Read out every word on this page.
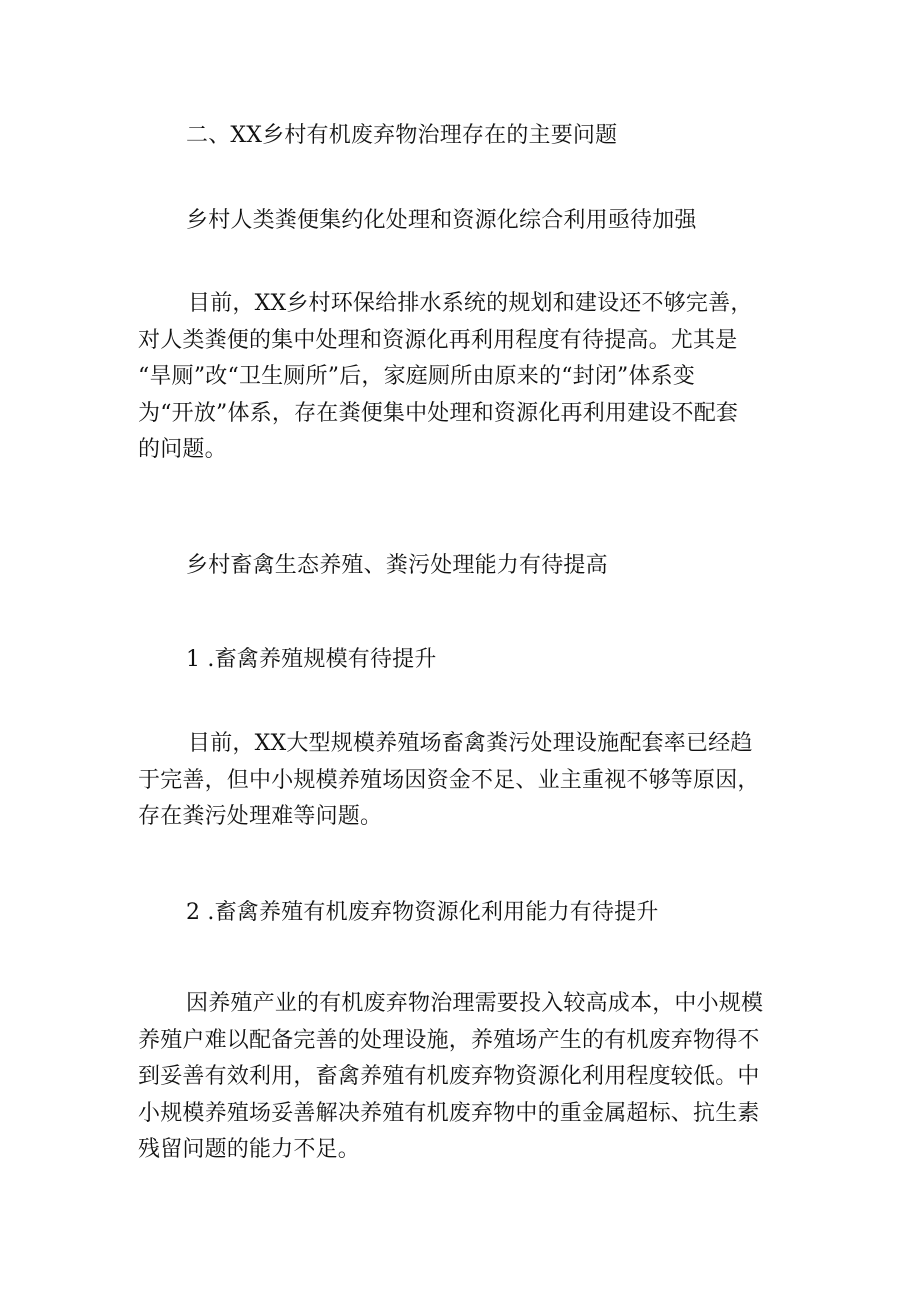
二、XX乡村有机废弃物治理存在的主要问题
乡村人类粪便集约化处理和资源化综合利用亟待加强
目前，XX乡村环保给排水系统的规划和建设还不够完善，
对人类粪便的集中处理和资源化再利用程度有待提高。尤其是
“旱厕”改“卫生厕所”后，家庭厕所由原来的“封闭”体系变
为“开放”体系，存在粪便集中处理和资源化再利用建设不配套
的问题。
乡村畜禽生态养殖、粪污处理能力有待提高
1 .畜禽养殖规模有待提升
目前，XX大型规模养殖场畜禽粪污处理设施配套率已经趋
于完善，但中小规模养殖场因资金不足、业主重视不够等原因，
存在粪污处理难等问题。
2 .畜禽养殖有机废弃物资源化利用能力有待提升
因养殖产业的有机废弃物治理需要投入较高成本，中小规模
养殖户难以配备完善的处理设施，养殖场产生的有机废弃物得不
到妥善有效利用，畜禽养殖有机废弃物资源化利用程度较低。中
小规模养殖场妥善解决养殖有机废弃物中的重金属超标、抗生素
残留问题的能力不足。
